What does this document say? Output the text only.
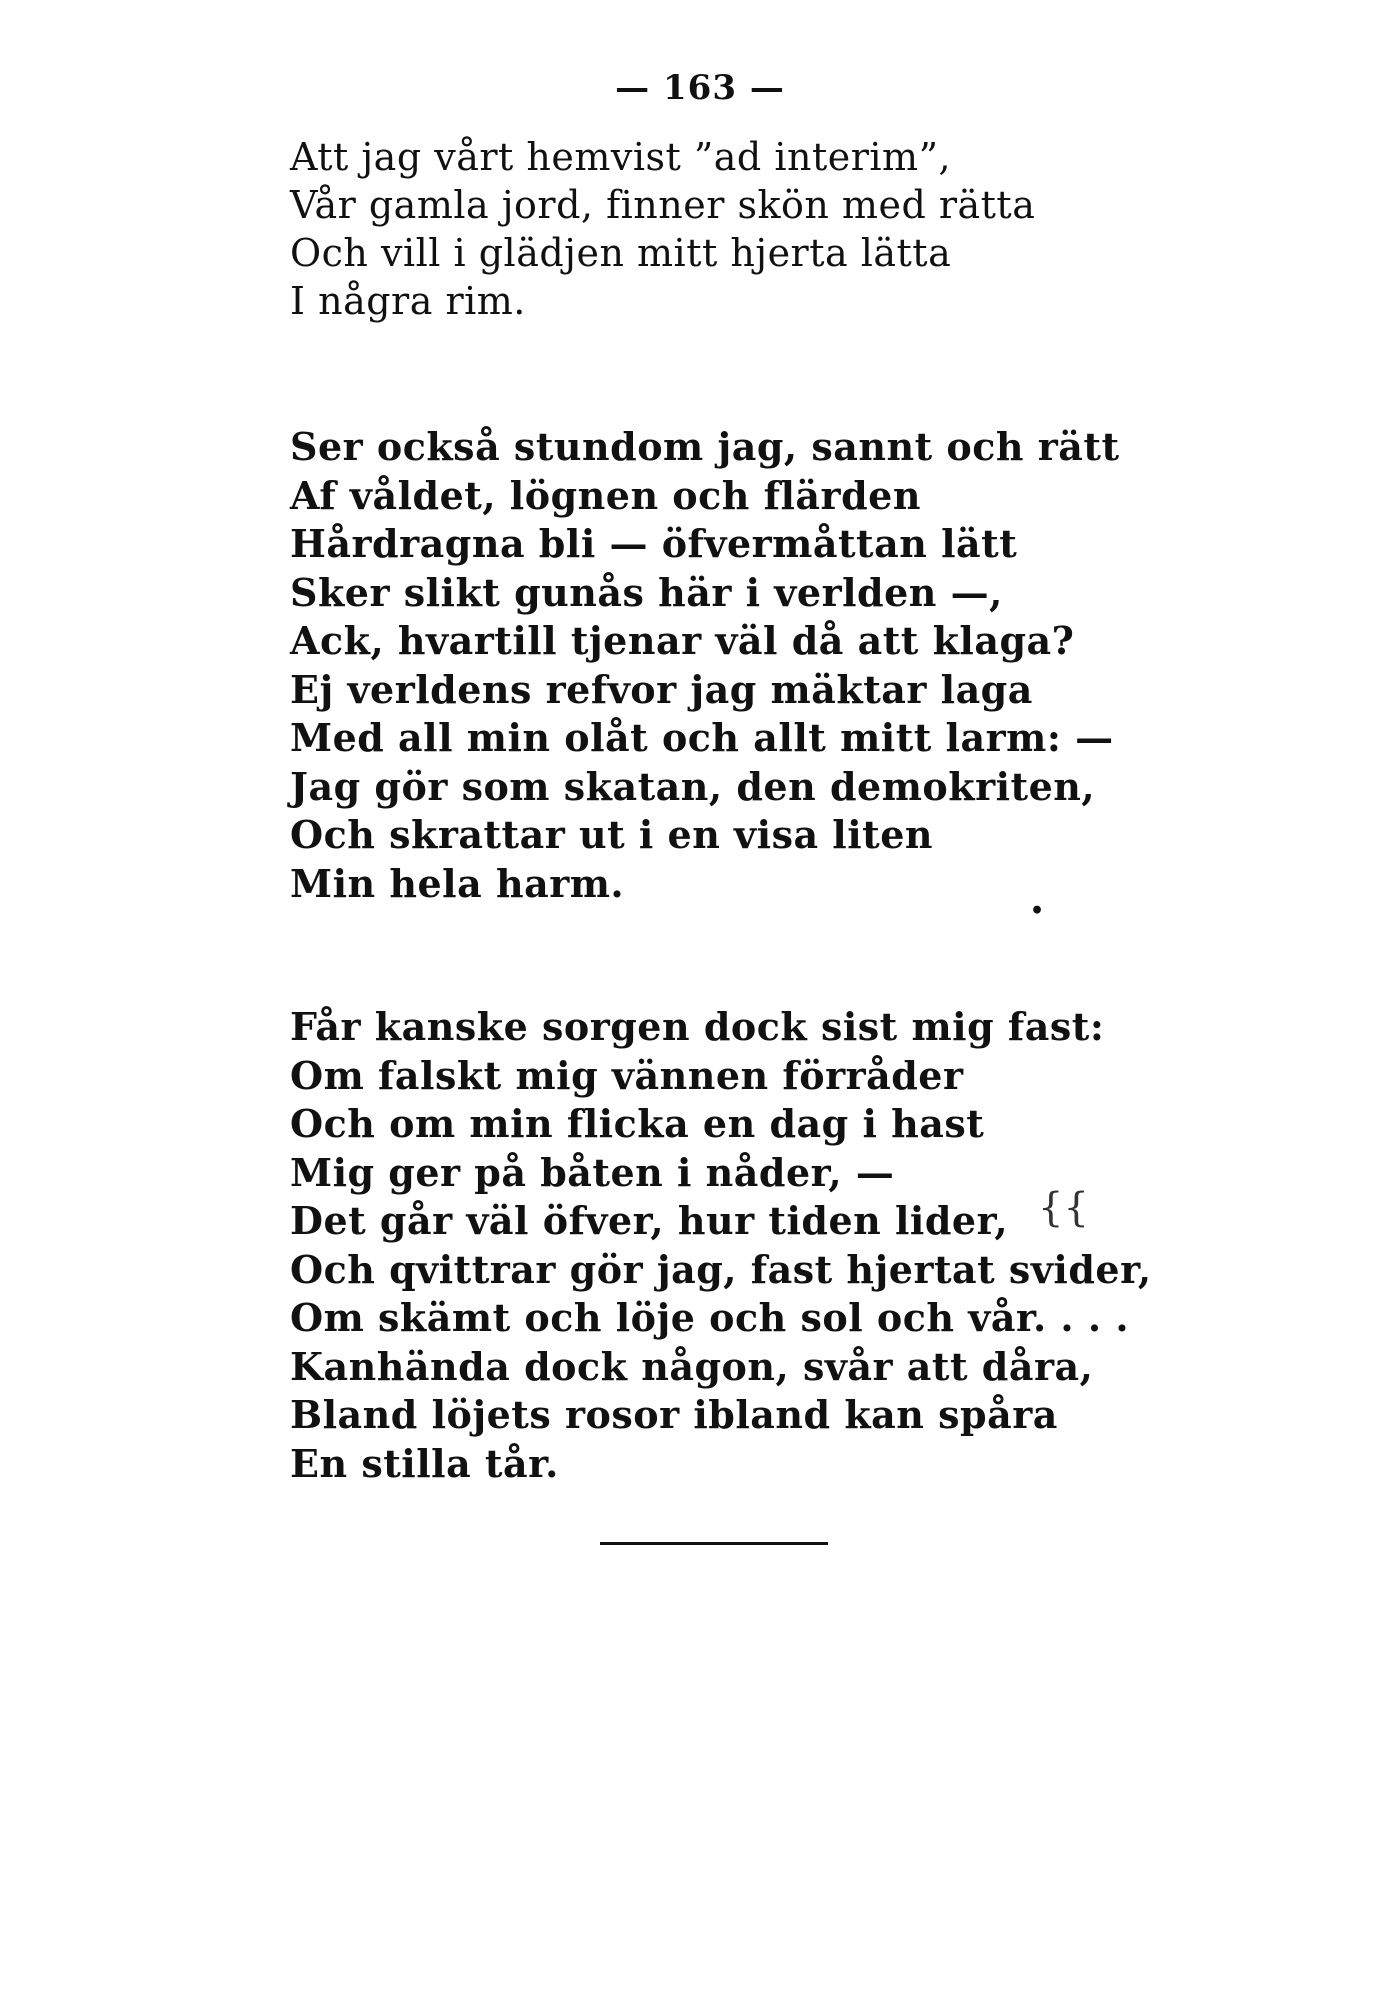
— 163 —
Att jag vårt hemvist ”ad interim”,
Vår gamla jord, finner skön med rätta
Och vill i glädjen mitt hjerta lätta
I några rim.
Ser också stundom jag, sannt och rätt
Af våldet, lögnen och flärden
Hårdragna bli — öfvermåttan lätt
Sker slikt gunås här i verlden —,
Ack, hvartill tjenar väl då att klaga?
Ej verldens refvor jag mäktar laga
Med all min olåt och allt mitt larm: —
Jag gör som skatan, den demokriten,
Och skrattar ut i en visa liten
Min hela harm.
•
Får kanske sorgen dock sist mig fast:
Om falskt mig vännen förråder
Och om min flicka en dag i hast
Mig ger på båten i nåder, —
Det går väl öfver, hur tiden lider,
Och qvittrar gör jag, fast hjertat svider,
Om skämt och löje och sol och vår. . . .
Kanhända dock någon, svår att dåra,
Bland löjets rosor ibland kan spåra
En stilla tår.
{{
